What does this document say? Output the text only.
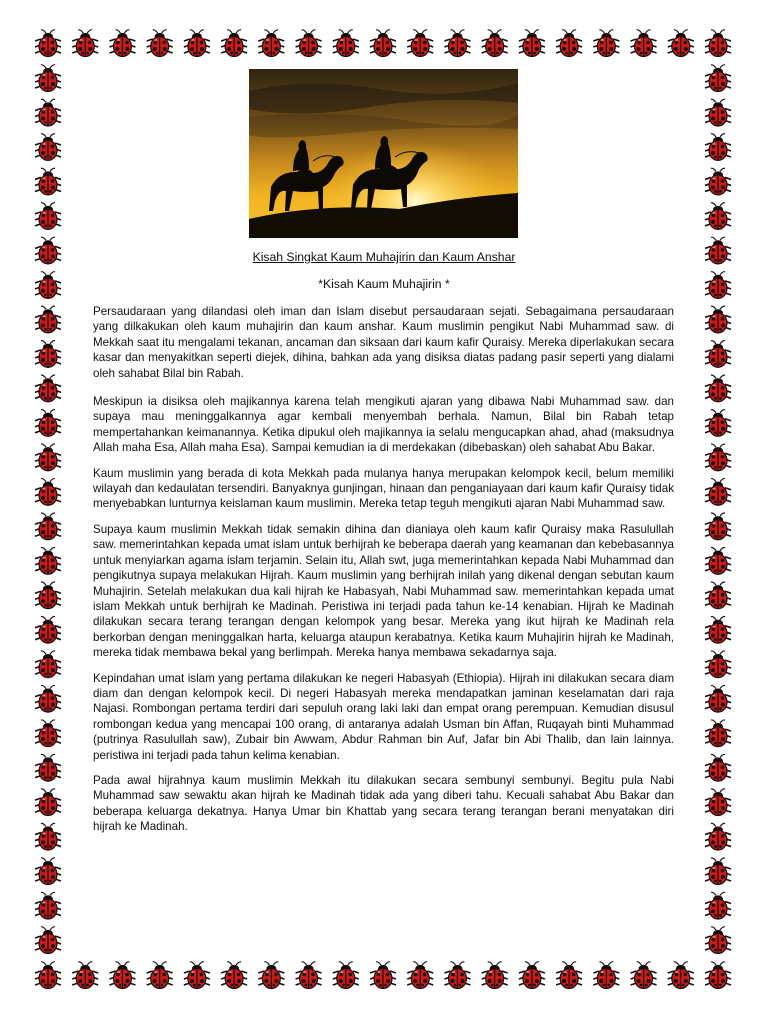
Kisah Singkat Kaum Muhajirin dan Kaum Anshar
*Kisah Kaum Muhajirin *

Persaudaraan yang dilandasi oleh iman dan Islam disebut persaudaraan sejati. Sebagaimana persaudaraan yang dilkakukan oleh kaum muhajirin dan kaum anshar. Kaum muslimin pengikut Nabi Muhammad saw. di Mekkah saat itu mengalami tekanan, ancaman dan siksaan dari kaum kafir Quraisy. Mereka diperlakukan secara kasar dan menyakitkan seperti diejek, dihina, bahkan ada yang disiksa diatas padang pasir seperti yang dialami oleh sahabat Bilal bin Rabah.

Meskipun ia disiksa oleh majikannya karena telah mengikuti ajaran yang dibawa Nabi Muhammad saw. dan supaya mau meninggalkannya agar kembali menyembah berhala. Namun, Bilal bin Rabah tetap mempertahankan keimanannya. Ketika dipukul oleh majikannya ia selalu mengucapkan ahad, ahad (maksudnya Allah maha Esa, Allah maha Esa). Sampai kemudian ia di merdekakan (dibebaskan) oleh sahabat Abu Bakar.

Kaum muslimin yang berada di kota Mekkah pada mulanya hanya merupakan kelompok kecil, belum memiliki wilayah dan kedaulatan tersendiri. Banyaknya gunjingan, hinaan dan penganiayaan dari kaum kafir Quraisy tidak menyebabkan lunturnya keislaman kaum muslimin. Mereka tetap teguh mengikuti ajaran Nabi Muhammad saw.

Supaya kaum muslimin Mekkah tidak semakin dihina dan dianiaya oleh kaum kafir Quraisy maka Rasulullah saw. memerintahkan kepada umat islam untuk berhijrah ke beberapa daerah yang keamanan dan kebebasannya untuk menyiarkan agama islam terjamin. Selain itu, Allah swt, juga memerintahkan kepada Nabi Muhammad dan pengikutnya supaya melakukan Hijrah. Kaum muslimin yang berhijrah inilah yang dikenal dengan sebutan kaum Muhajirin. Setelah melakukan dua kali hijrah ke Habasyah, Nabi Muhammad saw. memerintahkan kepada umat islam Mekkah untuk berhijrah ke Madinah. Peristiwa ini terjadi pada tahun ke-14 kenabian. Hijrah ke Madinah dilakukan secara terang terangan dengan kelompok yang besar. Mereka yang ikut hijrah ke Madinah rela berkorban dengan meninggalkan harta, keluarga ataupun kerabatnya. Ketika kaum Muhajirin hijrah ke Madinah, mereka tidak membawa bekal yang berlimpah. Mereka hanya membawa sekadarnya saja.

Kepindahan umat islam yang pertama dilakukan ke negeri Habasyah (Ethiopia). Hijrah ini dilakukan secara diam diam dan dengan kelompok kecil. Di negeri Habasyah mereka mendapatkan jaminan keselamatan dari raja Najasi. Rombongan pertama terdiri dari sepuluh orang laki laki dan empat orang perempuan. Kemudian disusul rombongan kedua yang mencapai 100 orang, di antaranya adalah Usman bin Affan, Ruqayah binti Muhammad (putrinya Rasulullah saw), Zubair bin Awwam, Abdur Rahman bin Auf, Jafar bin Abi Thalib, dan lain lainnya. peristiwa ini terjadi pada tahun kelima kenabian.

Pada awal hijrahnya kaum muslimin Mekkah itu dilakukan secara sembunyi sembunyi. Begitu pula Nabi Muhammad saw sewaktu akan hijrah ke Madinah tidak ada yang diberi tahu. Kecuali sahabat Abu Bakar dan beberapa keluarga dekatnya. Hanya Umar bin Khattab yang secara terang terangan berani menyatakan diri hijrah ke Madinah.
